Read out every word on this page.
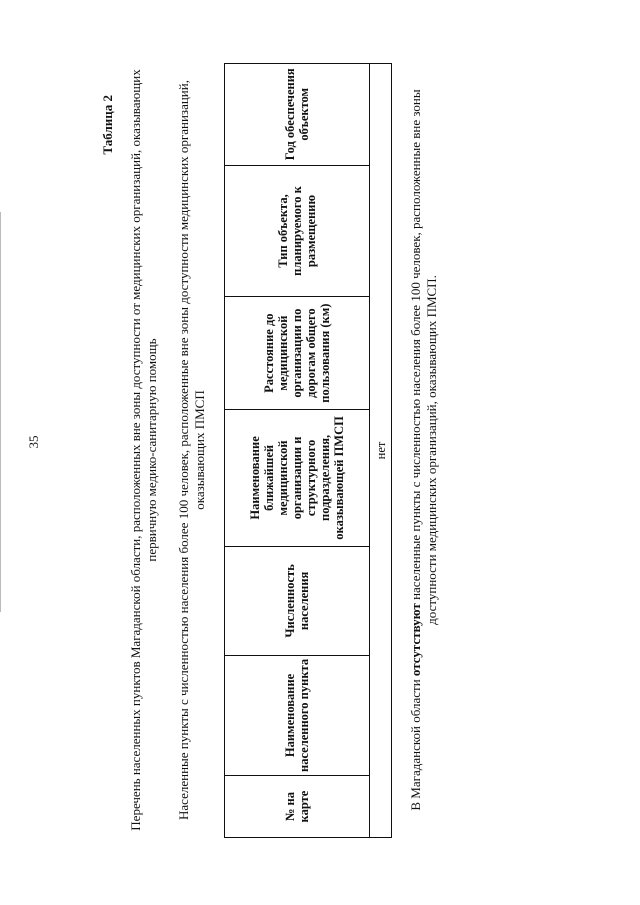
35
Таблица 2 Перечень населенных пунктов Магаданской области, расположенных вне зоны доступности от медицинских организаций, оказывающих первичную медико-санитарную помощь Населенные пункты с численностью населения более 100 человек, расположенные вне зоны доступности медицинских организаций, оказывающих ПМСП
№ на карте	Наименование населенного пункта	Численность населения	Наименование ближайшей медицинской организации и структурного подразделения, оказывающей ПМСП	Расстояние до медицинской организации по дорогам общего пользования (км)	Тип объекта, планируемого к размещению	Год обеспечения объектом
нет
В Магаданской области отсутствуют населенные пункты с численностью населения более 100 человек, расположенные вне зоны доступности медицинских организаций, оказывающих ПМСП.
